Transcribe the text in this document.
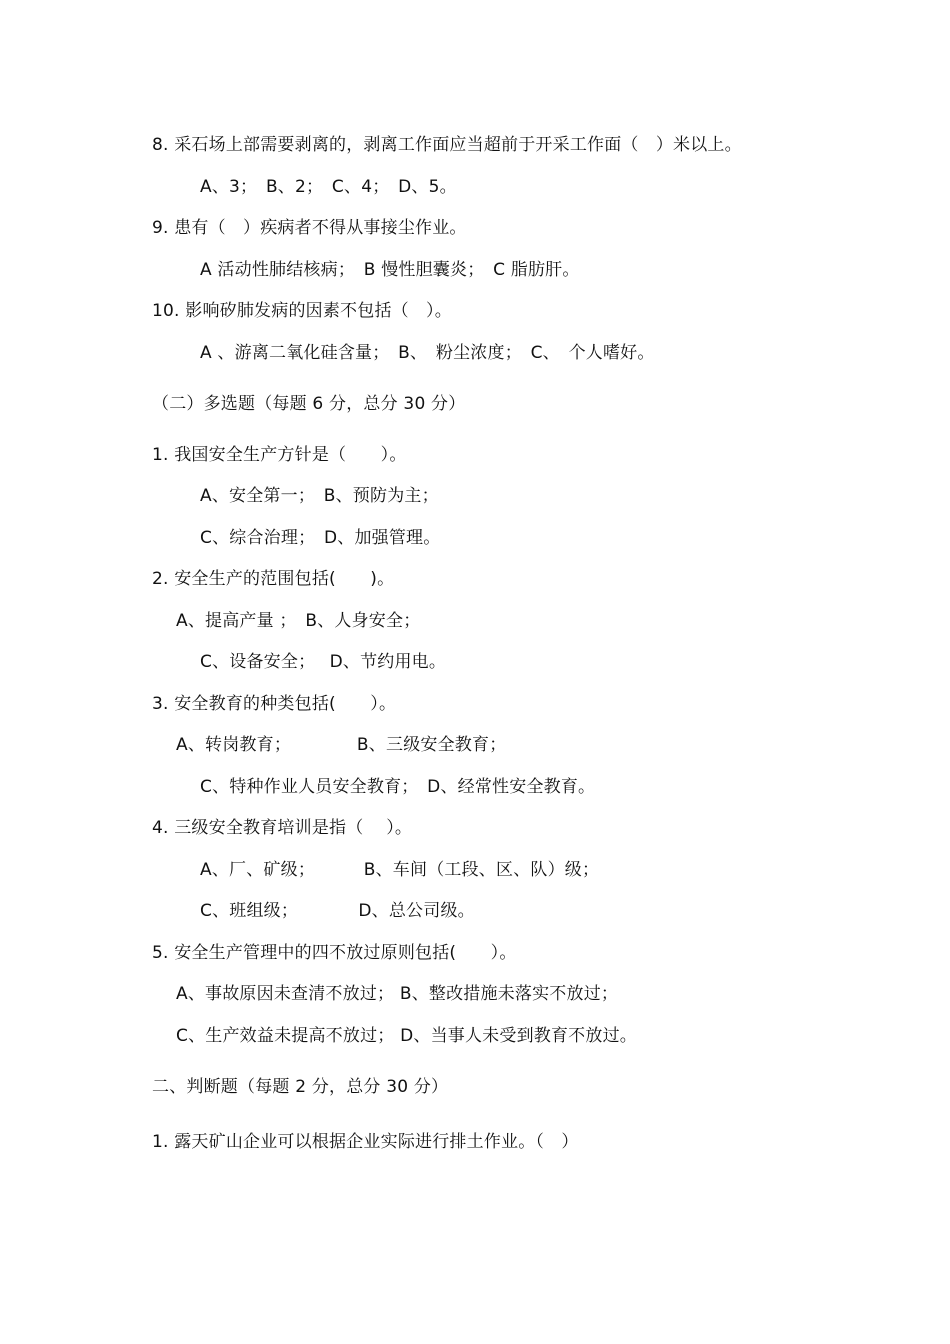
8. 采石场上部需要剥离的，剥离工作面应当超前于开采工作面（　）米以上。
A、3；　B、2；　C、4；　D、5。
9. 患有（　）疾病者不得从事接尘作业。
A 活动性肺结核病；　B 慢性胆囊炎；　C 脂肪肝。
10. 影响矽肺发病的因素不包括（　）。
A 、游离二氧化硅含量；　B、　粉尘浓度；　C、　个人嗜好。
（二）多选题（每题 6 分，总分 30 分）
1. 我国安全生产方针是（　　）。
A、安全第一；　B、预防为主；
C、综合治理；　D、加强管理。
2. 安全生产的范围包括(　　)。
A、提高产量 ；　B、人身安全；
C、设备安全；　 D、节约用电。
3. 安全教育的种类包括(　　）。
A、转岗教育；　　　　 B、三级安全教育；
C、特种作业人员安全教育；　D、经常性安全教育。
4. 三级安全教育培训是指（　 ）。
A、厂、矿级；　　　 B、车间（工段、区、队）级；
C、班组级；　　　　D、总公司级。
5. 安全生产管理中的四不放过原则包括(　　）。
A、事故原因未查清不放过； B、整改措施未落实不放过；
C、生产效益未提高不放过； D、当事人未受到教育不放过。
二、判断题（每题 2 分，总分 30 分）
1. 露天矿山企业可以根据企业实际进行排土作业。（　）
